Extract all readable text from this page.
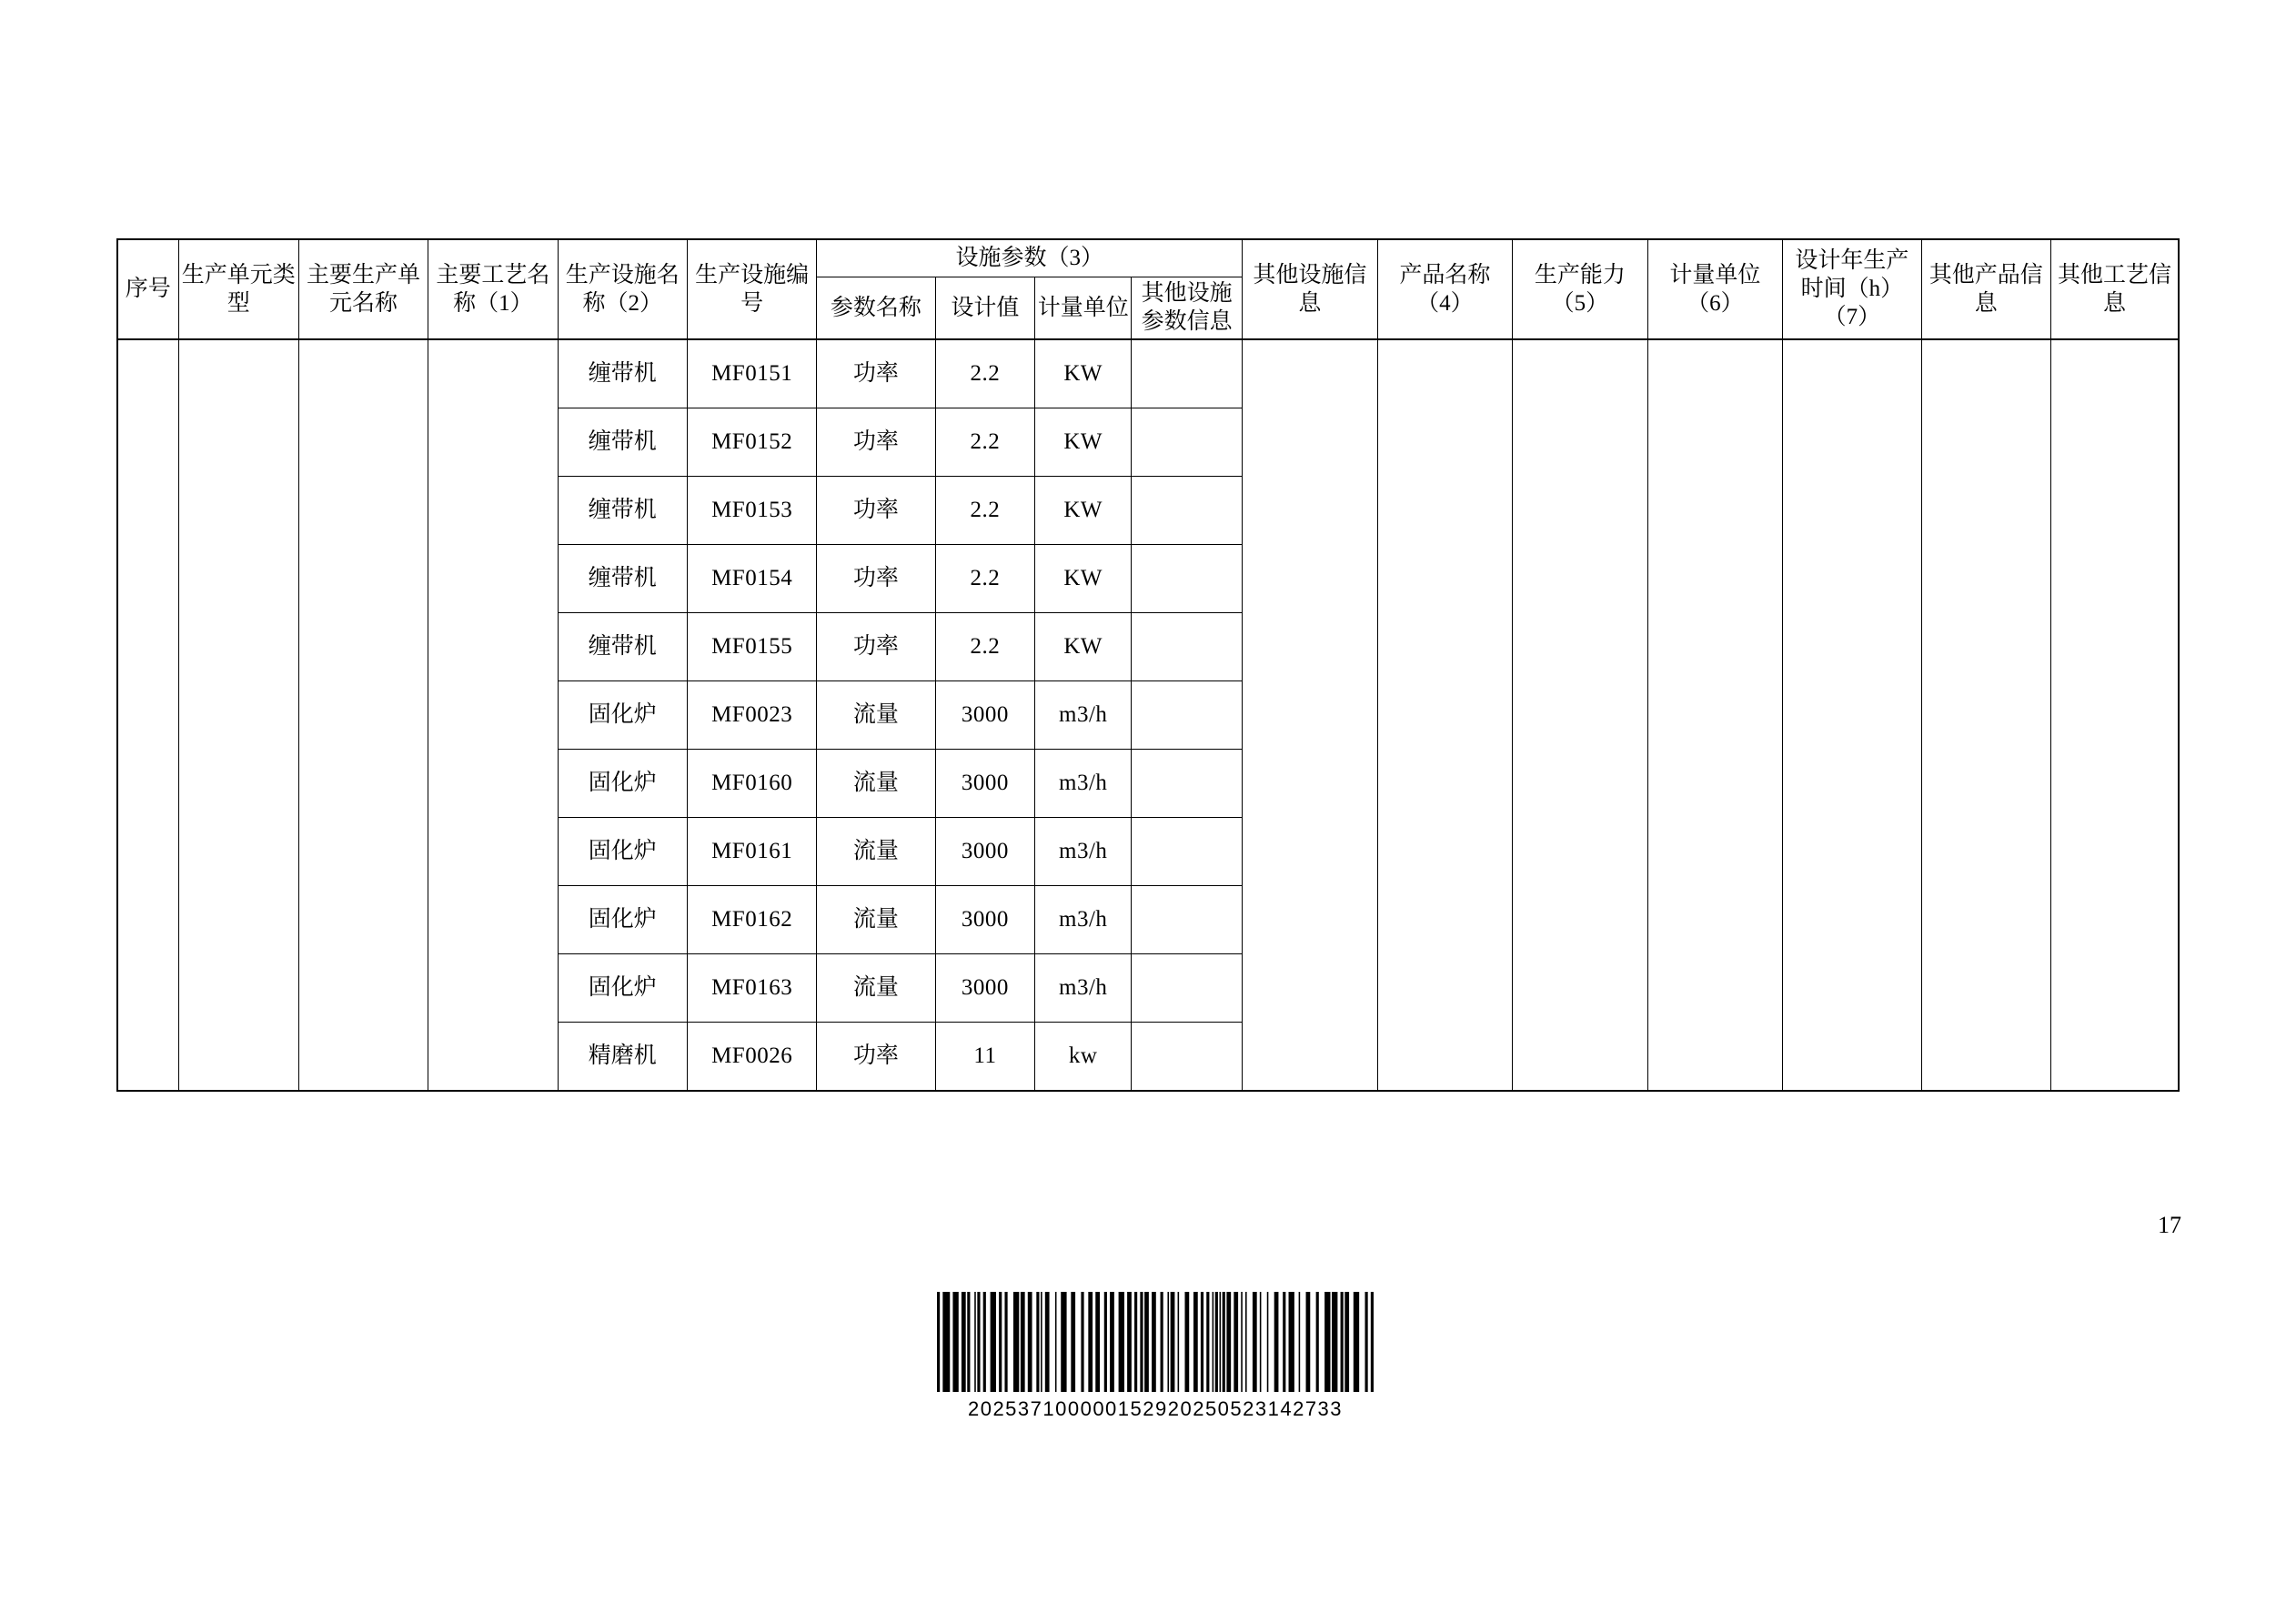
序号	生产单元类型	主要生产单元名称	主要工艺名称（1）	生产设施名称（2）	生产设施编号	设施参数（3）				其他设施信息	产品名称（4）	生产能力（5）	计量单位（6）	设计年生产时间（h）（7）	其他产品信息	其他工艺信息
						参数名称	设计值	计量单位	其他设施参数信息							
				缠带机	MF0151	功率	2.2	KW								
				缠带机	MF0152	功率	2.2	KW								
				缠带机	MF0153	功率	2.2	KW								
				缠带机	MF0154	功率	2.2	KW								
				缠带机	MF0155	功率	2.2	KW								
				固化炉	MF0023	流量	3000	m3/h								
				固化炉	MF0160	流量	3000	m3/h								
				固化炉	MF0161	流量	3000	m3/h								
				固化炉	MF0162	流量	3000	m3/h								
				固化炉	MF0163	流量	3000	m3/h								
				精磨机	MF0026	功率	11	kw								
17
202537100000152920250523142733
